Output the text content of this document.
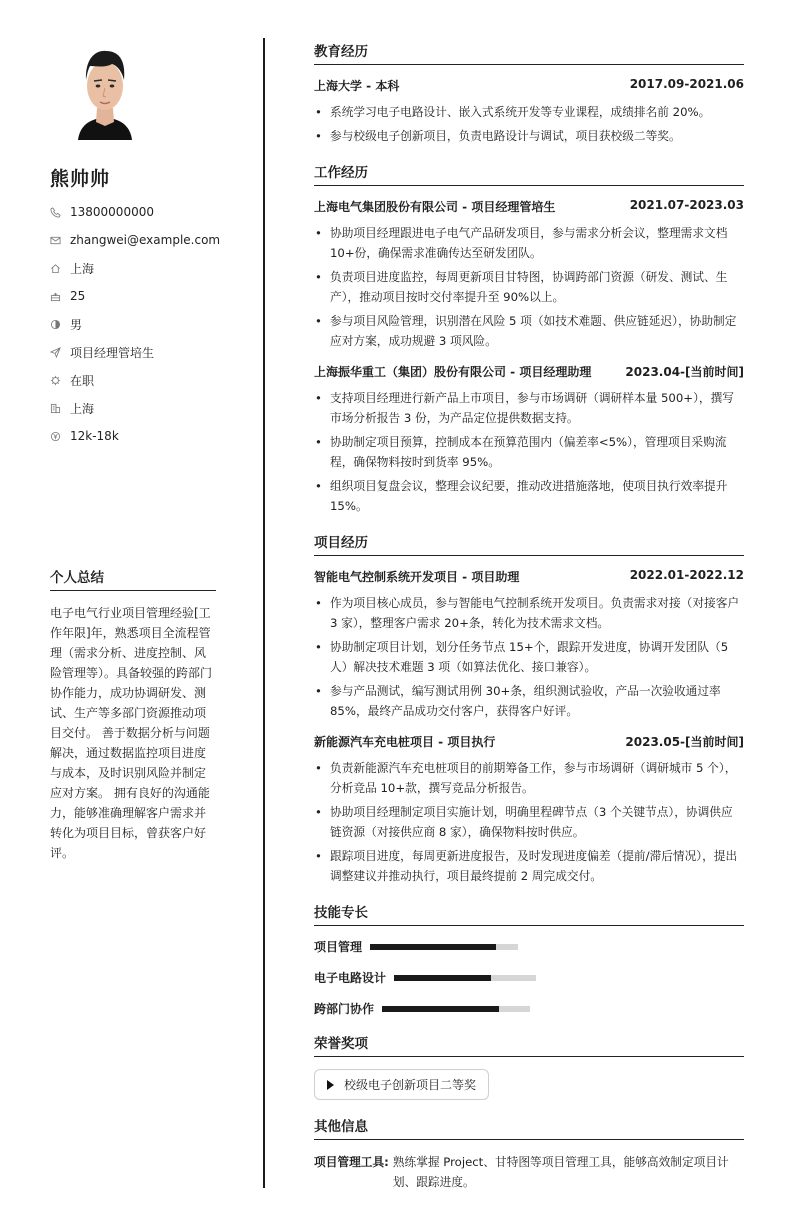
熊帅帅
13800000000
zhangwei@example.com
上海
25
男
项目经理管培生
在职
上海
12k-18k
个人总结
电子电气行业项目管理经验[工作年限]年，熟悉项目全流程管理（需求分析、进度控制、风险管理等）。具备较强的跨部门协作能力，成功协调研发、测试、生产等多部门资源推动项目交付。 善于数据分析与问题解决，通过数据监控项目进度与成本，及时识别风险并制定应对方案。 拥有良好的沟通能力，能够准确理解客户需求并转化为项目目标，曾获客户好评。
教育经历
上海大学 - 本科	2017.09-2021.06
• 系统学习电子电路设计、嵌入式系统开发等专业课程，成绩排名前 20%。
• 参与校级电子创新项目，负责电路设计与调试，项目获校级二等奖。
工作经历
上海电气集团股份有限公司 - 项目经理管培生	2021.07-2023.03
• 协助项目经理跟进电子电气产品研发项目，参与需求分析会议，整理需求文档 10+份，确保需求准确传达至研发团队。
• 负责项目进度监控，每周更新项目甘特图，协调跨部门资源（研发、测试、生产），推动项目按时交付率提升至 90%以上。
• 参与项目风险管理，识别潜在风险 5 项（如技术难题、供应链延迟），协助制定应对方案，成功规避 3 项风险。
上海振华重工（集团）股份有限公司 - 项目经理助理	2023.04-[当前时间]
• 支持项目经理进行新产品上市项目，参与市场调研（调研样本量 500+），撰写市场分析报告 3 份，为产品定位提供数据支持。
• 协助制定项目预算，控制成本在预算范围内（偏差率<5%），管理项目采购流程，确保物料按时到货率 95%。
• 组织项目复盘会议，整理会议纪要，推动改进措施落地，使项目执行效率提升 15%。
项目经历
智能电气控制系统开发项目 - 项目助理	2022.01-2022.12
• 作为项目核心成员，参与智能电气控制系统开发项目。负责需求对接（对接客户 3 家），整理客户需求 20+条，转化为技术需求文档。
• 协助制定项目计划，划分任务节点 15+个，跟踪开发进度，协调开发团队（5 人）解决技术难题 3 项（如算法优化、接口兼容）。
• 参与产品测试，编写测试用例 30+条，组织测试验收，产品一次验收通过率 85%，最终产品成功交付客户，获得客户好评。
新能源汽车充电桩项目 - 项目执行	2023.05-[当前时间]
• 负责新能源汽车充电桩项目的前期筹备工作，参与市场调研（调研城市 5 个），分析竞品 10+款，撰写竞品分析报告。
• 协助项目经理制定项目实施计划，明确里程碑节点（3 个关键节点），协调供应链资源（对接供应商 8 家），确保物料按时供应。
• 跟踪项目进度，每周更新进度报告，及时发现进度偏差（提前/滞后情况），提出调整建议并推动执行，项目最终提前 2 周完成交付。
技能专长
项目管理
电子电路设计
跨部门协作
荣誉奖项
校级电子创新项目二等奖
其他信息
项目管理工具: 熟练掌握 Project、甘特图等项目管理工具，能够高效制定项目计划、跟踪进度。
